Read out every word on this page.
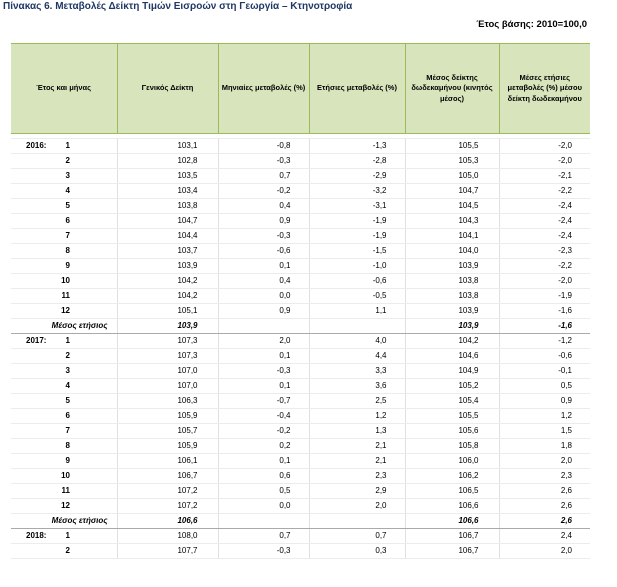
Πίνακας 6. Μεταβολές Δείκτη Τιμών Εισροών στη Γεωργία – Κτηνοτροφία
Έτος βάσης: 2010=100,0
Έτος και μήνας	Γενικός Δείκτη	Μηνιαίες μεταβολές (%)	Ετήσιες μεταβολές (%)	Μέσος δείκτης δωδεκαμήνου (κινητός μέσος)	Μέσες ετήσιες μεταβολές (%) μέσου δείκτη δωδεκαμήνου

2016: 1	103,1	-0,8	-1,3	105,5	-2,0
2	102,8	-0,3	-2,8	105,3	-2,0
3	103,5	0,7	-2,9	105,0	-2,1
4	103,4	-0,2	-3,2	104,7	-2,2
5	103,8	0,4	-3,1	104,5	-2,4
6	104,7	0,9	-1,9	104,3	-2,4
7	104,4	-0,3	-1,9	104,1	-2,4
8	103,7	-0,6	-1,5	104,0	-2,3
9	103,9	0,1	-1,0	103,9	-2,2
10	104,2	0,4	-0,6	103,8	-2,0
11	104,2	0,0	-0,5	103,8	-1,9
12	105,1	0,9	1,1	103,9	-1,6
Μέσος ετήσιος	103,9			103,9	-1,6
2017: 1	107,3	2,0	4,0	104,2	-1,2
2	107,3	0,1	4,4	104,6	-0,6
3	107,0	-0,3	3,3	104,9	-0,1
4	107,0	0,1	3,6	105,2	0,5
5	106,3	-0,7	2,5	105,4	0,9
6	105,9	-0,4	1,2	105,5	1,2
7	105,7	-0,2	1,3	105,6	1,5
8	105,9	0,2	2,1	105,8	1,8
9	106,1	0,1	2,1	106,0	2,0
10	106,7	0,6	2,3	106,2	2,3
11	107,2	0,5	2,9	106,5	2,6
12	107,2	0,0	2,0	106,6	2,6
Μέσος ετήσιος	106,6			106,6	2,6
2018: 1	108,0	0,7	0,7	106,7	2,4
2	107,7	-0,3	0,3	106,7	2,0
